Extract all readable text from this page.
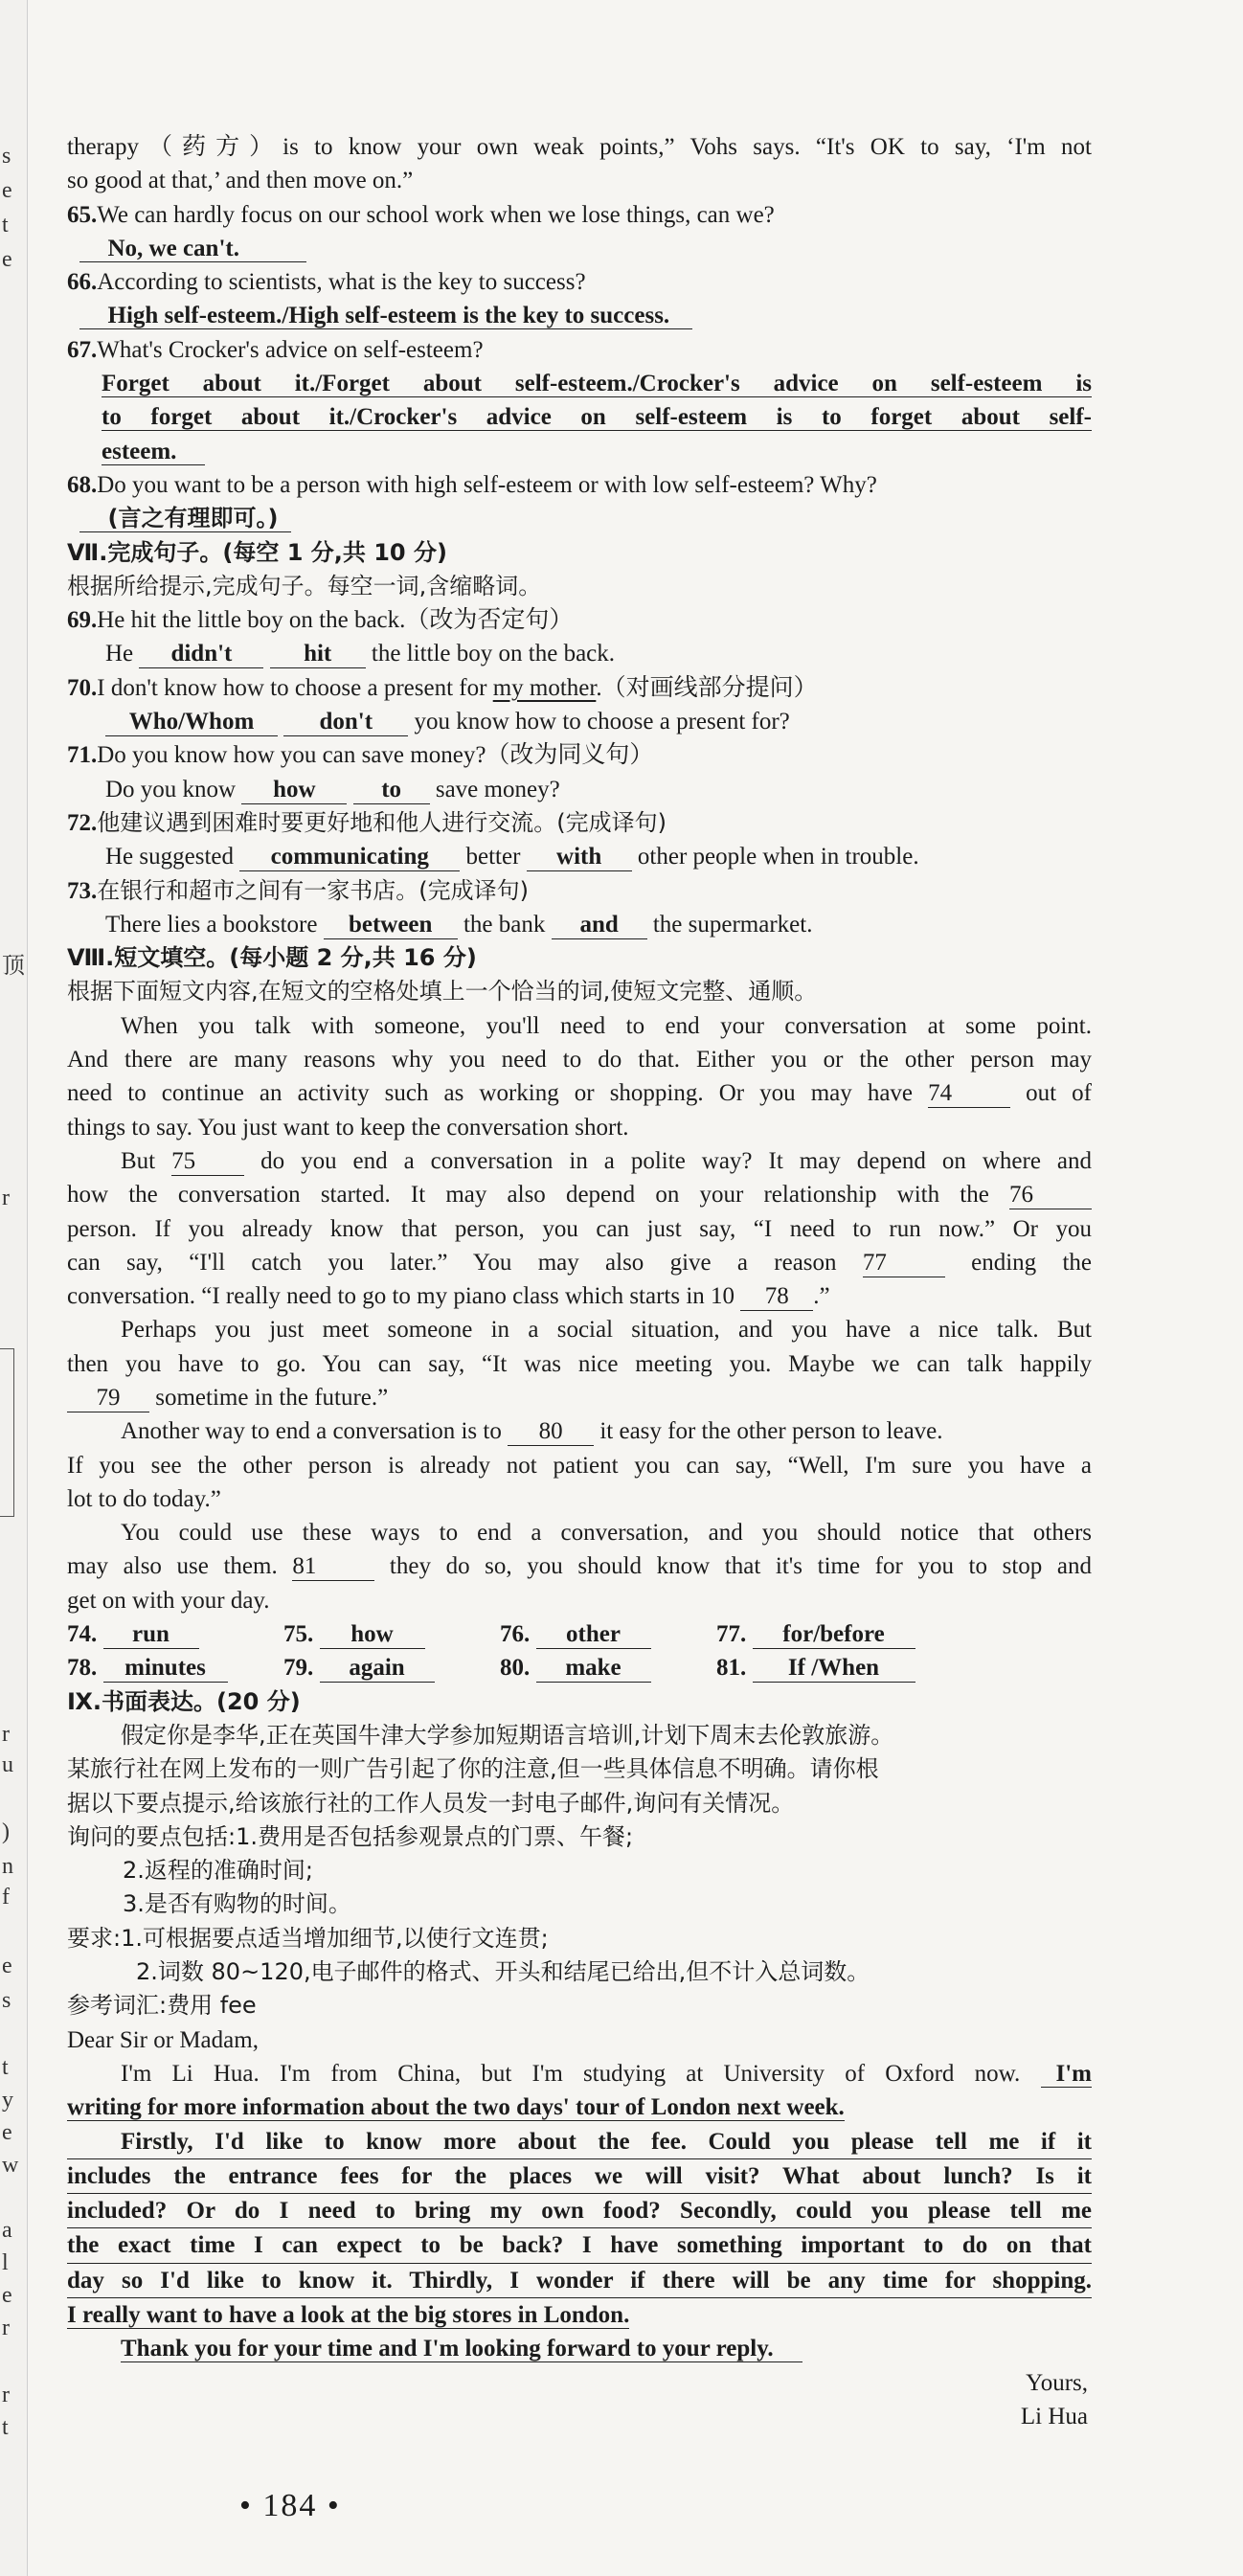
s
e
t
e
顶
r
r
u
)
n
f
e
s
t
y
e
w
a
l
e
r
r
t
therapy（药方）is to know your own weak points,” Vohs says. “It's OK to say, ‘I'm not
so good at that,’ and then move on.”
65.We can hardly focus on our school work when we lose things, can we?
No, we can't.
66.According to scientists, what is the key to success?
High self-esteem./High self-esteem is the key to success.
67.What's Crocker's advice on self-esteem?
Forget about it./Forget about self-esteem./Crocker's advice on self-esteem is
to forget about it./Crocker's advice on self-esteem is to forget about self-
esteem.
68.Do you want to be a person with high self-esteem or with low self-esteem? Why?
(言之有理即可。)
Ⅶ.完成句子。(每空 1 分,共 10 分)
根据所给提示,完成句子。每空一词,含缩略词。
69.He hit the little boy on the back.（改为否定句）
He didn't	hit the little boy on the back.
70.I don't know how to choose a present for my mother.（对画线部分提问）
Who/Whom	don't you know how to choose a present for?
71.Do you know how you can save money?（改为同义句）
Do you know how	to save money?
72.他建议遇到困难时要更好地和他人进行交流。(完成译句)
He suggested communicating better with other people when in trouble.
73.在银行和超市之间有一家书店。(完成译句)
There lies a bookstore between the bank and the supermarket.
Ⅷ.短文填空。(每小题 2 分,共 16 分)
根据下面短文内容,在短文的空格处填上一个恰当的词,使短文完整、通顺。
When you talk with someone, you'll need to end your conversation at some point.
And there are many reasons why you need to do that. Either you or the other person may
need to continue an activity such as working or shopping. Or you may have 74	out of
things to say. You just want to keep the conversation short.
But 75	do you end a conversation in a polite way? It may depend on where and
how the conversation started. It may also depend on your relationship with the 76
person. If you already know that person, you can just say, “I need to run now.” Or you
can say, “I'll catch you later.” You may also give a reason 77	ending the
conversation. “I really need to go to my piano class which starts in 10 78 .”
Perhaps you just meet someone in a social situation, and you have a nice talk. But
then you have to go. You can say, “It was nice meeting you. Maybe we can talk happily
79 sometime in the future.”
Another way to end a conversation is to 80 it easy for the other person to leave.
If you see the other person is already not patient you can say, “Well, I'm sure you have a
lot to do today.”
You could use these ways to end a conversation, and you should notice that others
may also use them. 81	they do so, you should know that it's time for you to stop and
get on with your day.
74. run	75. how	76. other	77. for/before
78. minutes	79. again	80. make	81. If /When
Ⅸ.书面表达。(20 分)
假定你是李华,正在英国牛津大学参加短期语言培训,计划下周末去伦敦旅游。
某旅行社在网上发布的一则广告引起了你的注意,但一些具体信息不明确。请你根
据以下要点提示,给该旅行社的工作人员发一封电子邮件,询问有关情况。
询问的要点包括:1.费用是否包括参观景点的门票、午餐;
2.返程的准确时间;
3.是否有购物的时间。
要求:1.可根据要点适当增加细节,以使行文连贯;
2.词数 80~120,电子邮件的格式、开头和结尾已给出,但不计入总词数。
参考词汇:费用 fee
Dear Sir or Madam,
I'm Li Hua. I'm from China, but I'm studying at University of Oxford now. I'm
writing for more information about the two days' tour of London next week.
Firstly, I'd like to know more about the fee. Could you please tell me if it
includes the entrance fees for the places we will visit? What about lunch? Is it
included? Or do I need to bring my own food? Secondly, could you please tell me
the exact time I can expect to be back? I have something important to do on that
day so I'd like to know it. Thirdly, I wonder if there will be any time for shopping.
I really want to have a look at the big stores in London.
Thank you for your time and I'm looking forward to your reply.
Yours,
Li Hua
• 184 •
